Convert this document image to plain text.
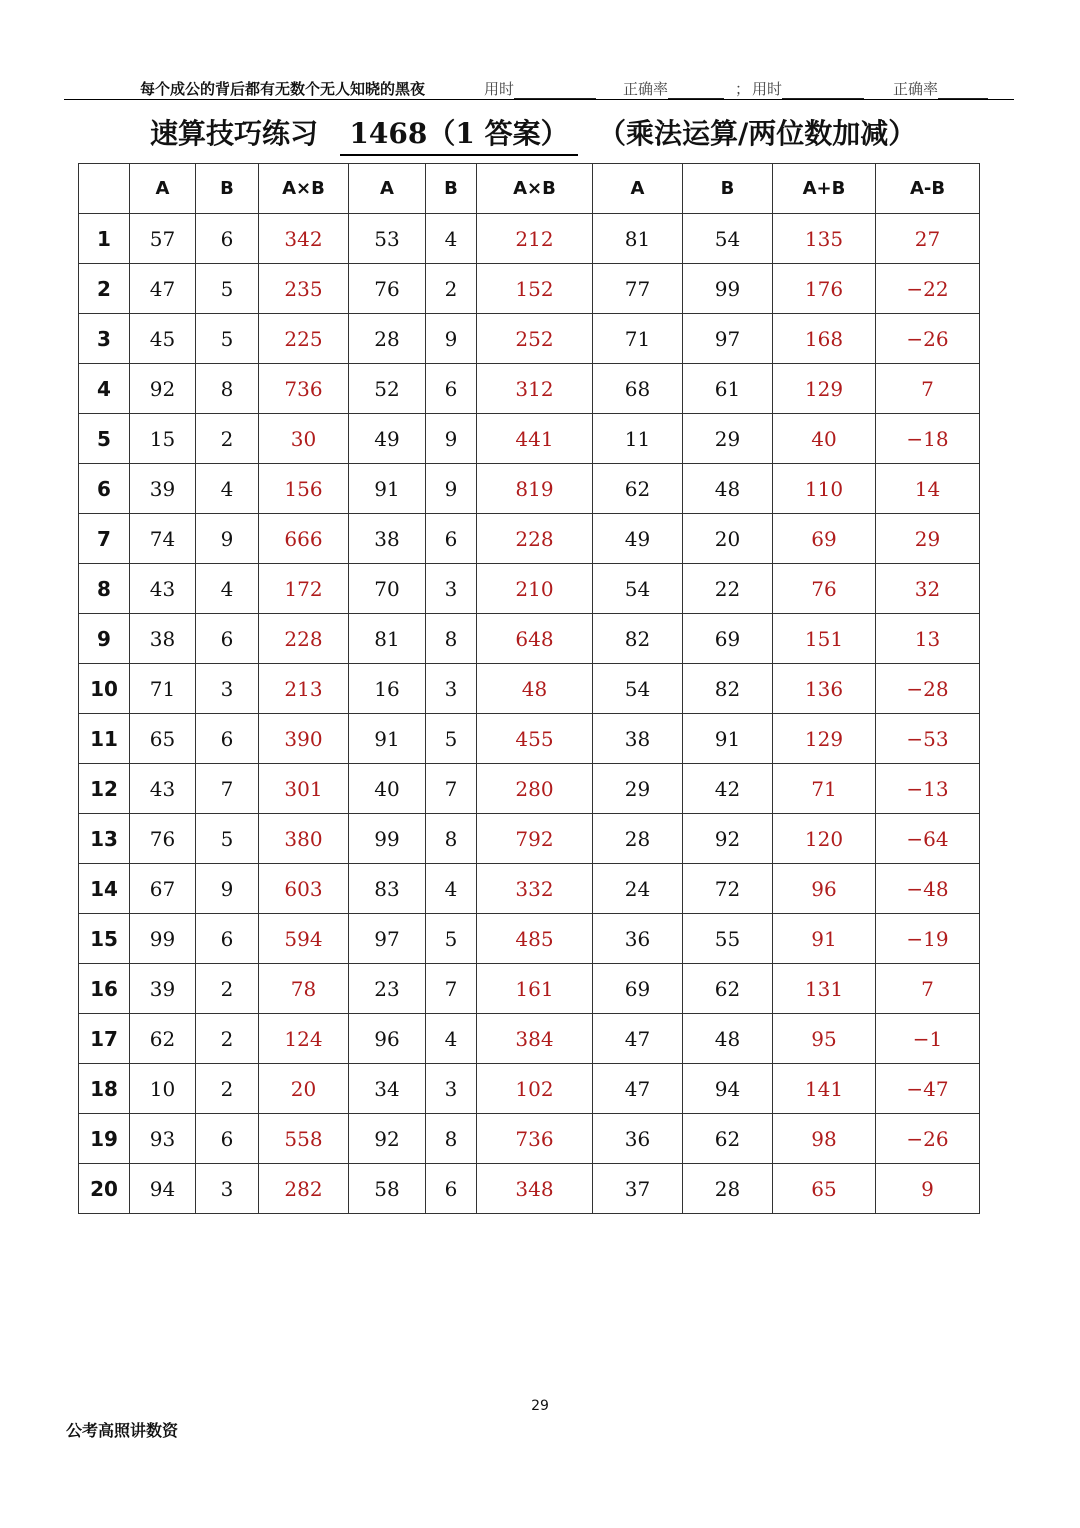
每个成公的背后都有无数个无人知晓的黑夜	用时	正确率	； 用时	正确率
速算技巧练习	1468（1 答案）	（乘法运算/两位数加减）
	A	B	A×B	A	B	A×B	A	B	A+B	A-B
1	57	6	342	53	4	212	81	54	135	27
2	47	5	235	76	2	152	77	99	176	−22
3	45	5	225	28	9	252	71	97	168	−26
4	92	8	736	52	6	312	68	61	129	7
5	15	2	30	49	9	441	11	29	40	−18
6	39	4	156	91	9	819	62	48	110	14
7	74	9	666	38	6	228	49	20	69	29
8	43	4	172	70	3	210	54	22	76	32
9	38	6	228	81	8	648	82	69	151	13
10	71	3	213	16	3	48	54	82	136	−28
11	65	6	390	91	5	455	38	91	129	−53
12	43	7	301	40	7	280	29	42	71	−13
13	76	5	380	99	8	792	28	92	120	−64
14	67	9	603	83	4	332	24	72	96	−48
15	99	6	594	97	5	485	36	55	91	−19
16	39	2	78	23	7	161	69	62	131	7
17	62	2	124	96	4	384	47	48	95	−1
18	10	2	20	34	3	102	47	94	141	−47
19	93	6	558	92	8	736	36	62	98	−26
20	94	3	282	58	6	348	37	28	65	9
29
公考高照讲数资
